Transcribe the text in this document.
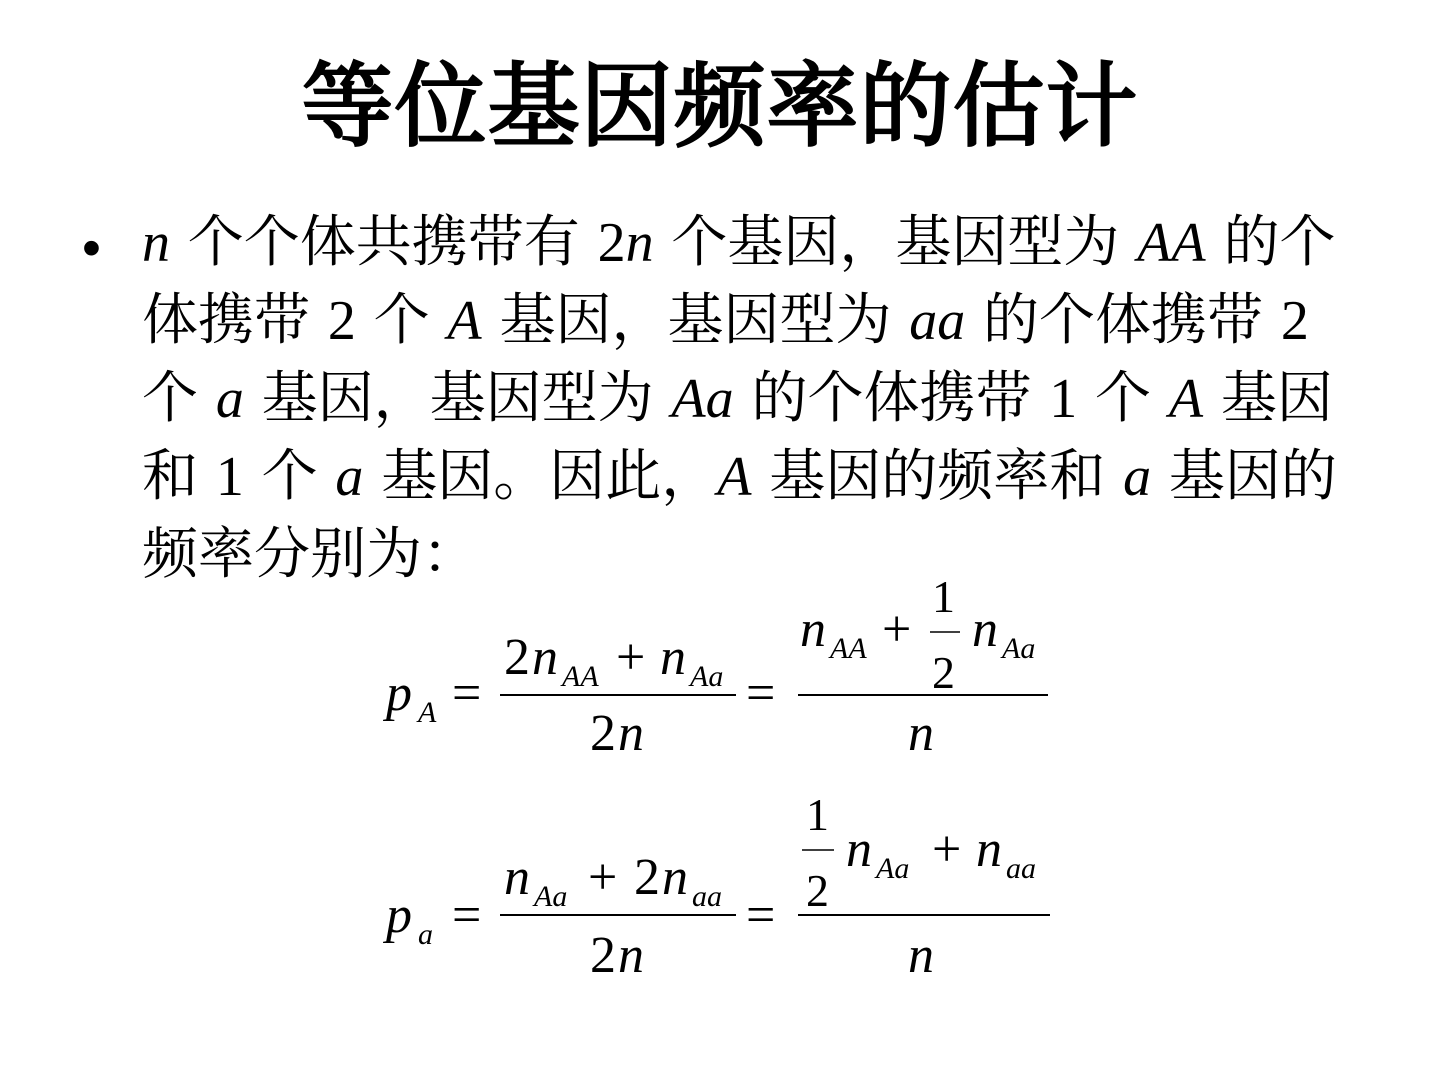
等位基因频率的估计
• n 个个体共携带有 2n 个基因，基因型为 AA 的个体携带 2 个 A 基因，基因型为 aa 的个体携带 2 个 a 基因，基因型为 Aa 的个体携带 1 个 A 基因和 1 个 a 基因。因此，A 基因的频率和 a 基因的频率分别为：
p A =
2 n AA + n Aa
2 n
=
n AA +
1
2
n Aa
n
p a =
n Aa + 2 n aa
2 n
=
1
2
n Aa + n aa
n
